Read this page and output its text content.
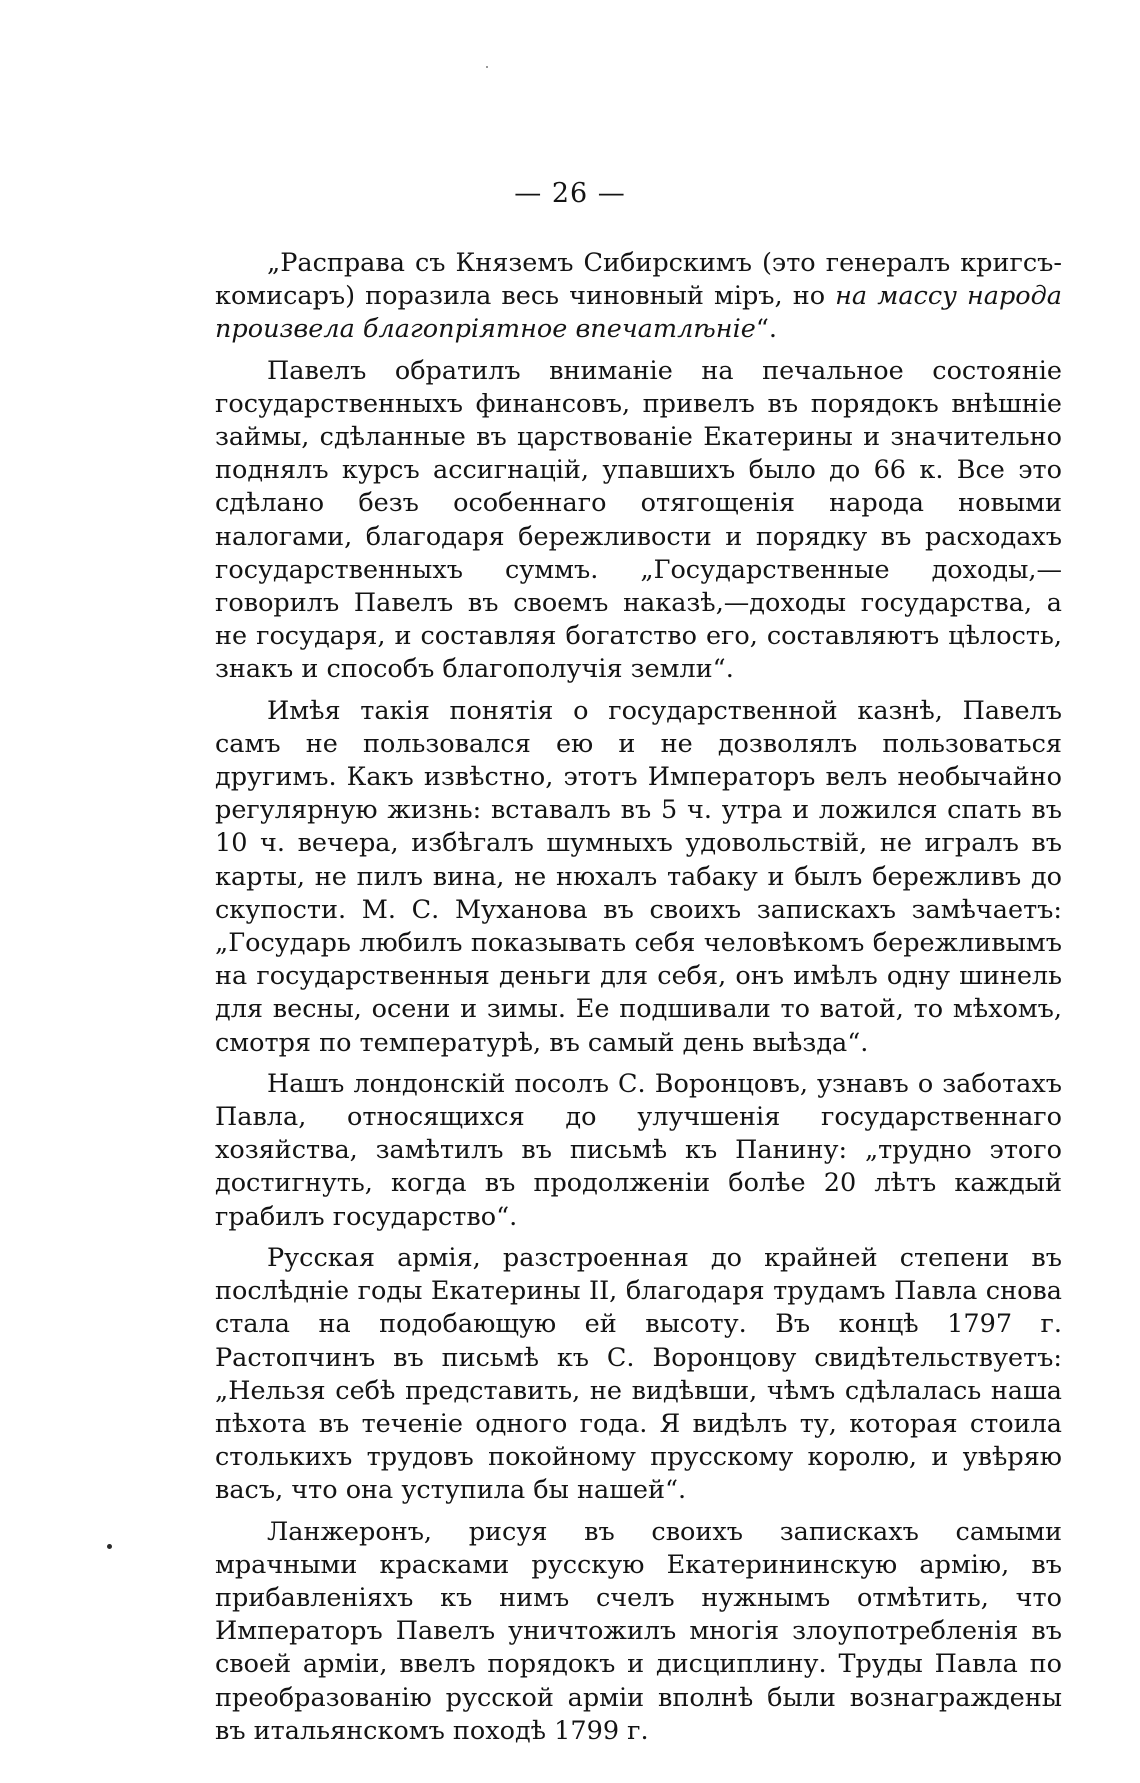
— 26 —

„Расправа съ Княземъ Сибирскимъ (это генералъ кригсъ-комисаръ) поразила весь чиновный міръ, но на массу народа произвела благопріятное впечатлѣніе“.

Павелъ обратилъ вниманіе на печальное состояніе государственныхъ финансовъ, привелъ въ порядокъ внѣшніе займы, сдѣланные въ царствованіе Екатерины и значительно поднялъ курсъ ассигнацій, упавшихъ было до 66 к. Все это сдѣлано безъ особеннаго отягощенія народа новыми налогами, благодаря бережливости и порядку въ расходахъ государственныхъ суммъ. „Государственные доходы,—говорилъ Павелъ въ своемъ наказѣ,—доходы государства, а не государя, и составляя богатство его, составляютъ цѣлость, знакъ и способъ благополучія земли“.

Имѣя такія понятія о государственной казнѣ, Павелъ самъ не пользовался ею и не дозволялъ пользоваться другимъ. Какъ извѣстно, этотъ Императоръ велъ необычайно регулярную жизнь: вставалъ въ 5 ч. утра и ложился спать въ 10 ч. вечера, избѣгалъ шумныхъ удовольствій, не игралъ въ карты, не пилъ вина, не нюхалъ табаку и былъ бережливъ до скупости. М. С. Муханова въ своихъ запискахъ замѣчаетъ: „Государь любилъ показывать себя человѣкомъ бережливымъ на государственныя деньги для себя, онъ имѣлъ одну шинель для весны, осени и зимы. Ее подшивали то ватой, то мѣхомъ, смотря по температурѣ, въ самый день выѣзда“.

Нашъ лондонскій посолъ С. Воронцовъ, узнавъ о заботахъ Павла, относящихся до улучшенія государственнаго хозяйства, замѣтилъ въ письмѣ къ Панину: „трудно этого достигнуть, когда въ продолженіи болѣе 20 лѣтъ каждый грабилъ государство“.

Русская армія, разстроенная до крайней степени въ послѣдніе годы Екатерины II, благодаря трудамъ Павла снова стала на подобающую ей высоту. Въ концѣ 1797 г. Растопчинъ въ письмѣ къ С. Воронцову свидѣтельствуетъ: „Нельзя себѣ представить, не видѣвши, чѣмъ сдѣлалась наша пѣхота въ теченіе одного года. Я видѣлъ ту, которая стоила столькихъ трудовъ покойному прусскому королю, и увѣряю васъ, что она уступила бы нашей“.

Ланжеронъ, рисуя въ своихъ запискахъ самыми мрачными красками русскую Екатерининскую армію, въ прибавленіяхъ къ нимъ счелъ нужнымъ отмѣтить, что Императоръ Павелъ уничтожилъ многія злоупотребленія въ своей арміи, ввелъ порядокъ и дисциплину. Труды Павла по преобразованію русской арміи вполнѣ были вознаграждены въ итальянскомъ походѣ 1799 г.
